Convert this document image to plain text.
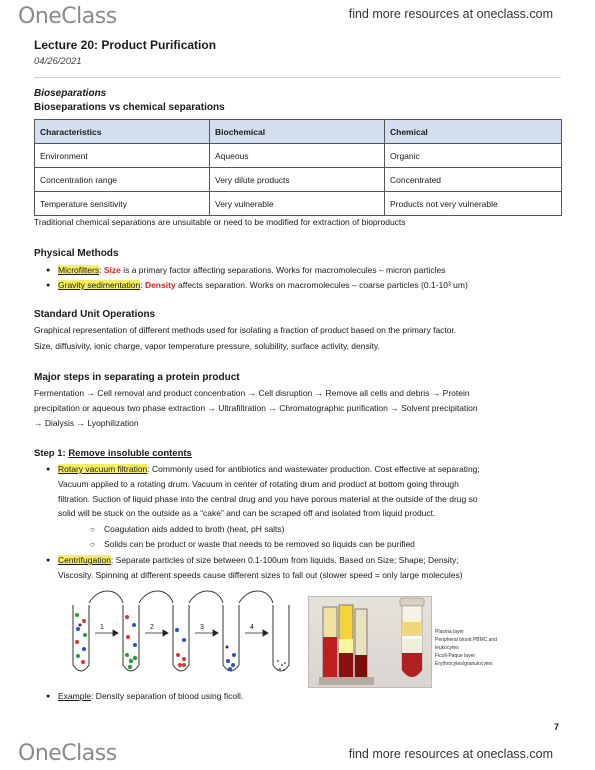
OneClass	find more resources at oneclass.com
Lecture 20: Product Purification
04/26/2021
Bioseparations
Bioseparations vs chemical separations
Characteristics	Biochemical	Chemical
Environment	Aqueous	Organic
Concentration range	Very dilute products	Concentrated
Temperature sensitivity	Very vulnerable	Products not very vulnerable
Traditional chemical separations are unsuitable or need to be modified for extraction of bioproducts
Physical Methods
● Microfilters: Size is a primary factor affecting separations. Works for macromolecules – micron particles
● Gravity sedimentation: Density affects separation. Works on macromolecules – coarse particles (0.1-10³ um)
Standard Unit Operations
Graphical representation of different methods used for isolating a fraction of product based on the primary factor.
Size, diffusivity, ionic charge, vapor temperature pressure, solubility, surface activity, density.
Major steps in separating a protein product
Fermentation → Cell removal and product concentration → Cell disruption → Remove all cells and debris → Protein
precipitation or aqueous two phase extraction → Ultrafiltration → Chromatographic purification → Solvent precipitation
→ Dialysis → Lyophilization
Step 1: Remove insoluble contents
● Rotary vacuum filtration: Commonly used for antibiotics and wastewater production. Cost effective at separating;
Vacuum applied to a rotating drum. Vacuum in center of rotating drum and product at bottom going through
filtration. Suction of liquid phase into the central drug and you have porous material at the outside of the drug so
solid will be stuck on the outside as a “cake” and can be scraped off and isolated from liquid product.
○ Coagulation aids added to broth (heat, pH salts)
○ Solids can be product or waste that needs to be removed so liquids can be purified
● Centrifugation: Separate particles of size between 0.1-100um from liquids. Based on Size; Shape; Density;
Viscosity. Spinning at different speeds cause different sizes to fall out (slower speed = only large molecules)
1	2	3	4
Plasma layer
Peripheral blood PBMC and
leukocytes
Ficoll-Paque layer
Erythrocytes/granulocytes
● Example: Density separation of blood using ficoll.
7
OneClass	find more resources at oneclass.com
